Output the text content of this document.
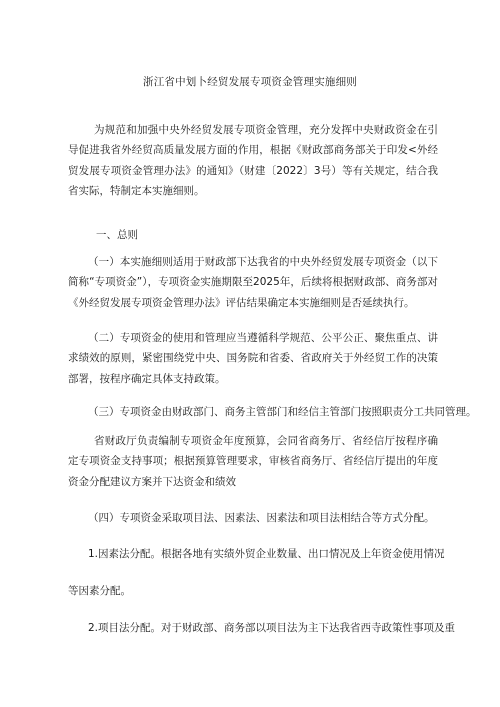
浙江省中划卜经贸发展专项资金管理实施细则

为规范和加强中央外经贸发展专项资金管理，充分发挥中央财政资金在引导促进我省外经贸高质量发展方面的作用，根据《财政部商务部关于印发<外经贸发展专项资金管理办法》的通知》（财建〔2022〕3号）等有关规定，结合我省实际，特制定本实施细则。

一、总则

（一）本实施细则适用于财政部下达我省的中央外经贸发展专项资金（以下简称“专项资金”），专项资金实施期限至2025年，后续将根据财政部、商务部对《外经贸发展专项资金管理办法》评估结果确定本实施细则是否延续执行。

（二）专项资金的使用和管理应当遵循科学规范、公平公正、聚焦重点、讲求绩效的原则，紧密围绕党中央、国务院和省委、省政府关于外经贸工作的决策部署，按程序确定具体支持政策。

（三）专项资金由财政部门、商务主管部门和经信主管部门按照职责分工共同管理。

省财政厅负责编制专项资金年度预算，会同省商务厅、省经信厅按程序确定专项资金支持事项；根据预算管理要求，审核省商务厅、省经信厅提出的年度资金分配建议方案并下达资金和绩效

（四）专项资金采取项目法、因素法、因素法和项目法相结合等方式分配。
1.因素法分配。根据各地有实绩外贸企业数量、出口情况及上年资金使用情况
等因素分配。
2.项目法分配。对于财政部、商务部以项目法为主下达我省西寺政策性事项及重
